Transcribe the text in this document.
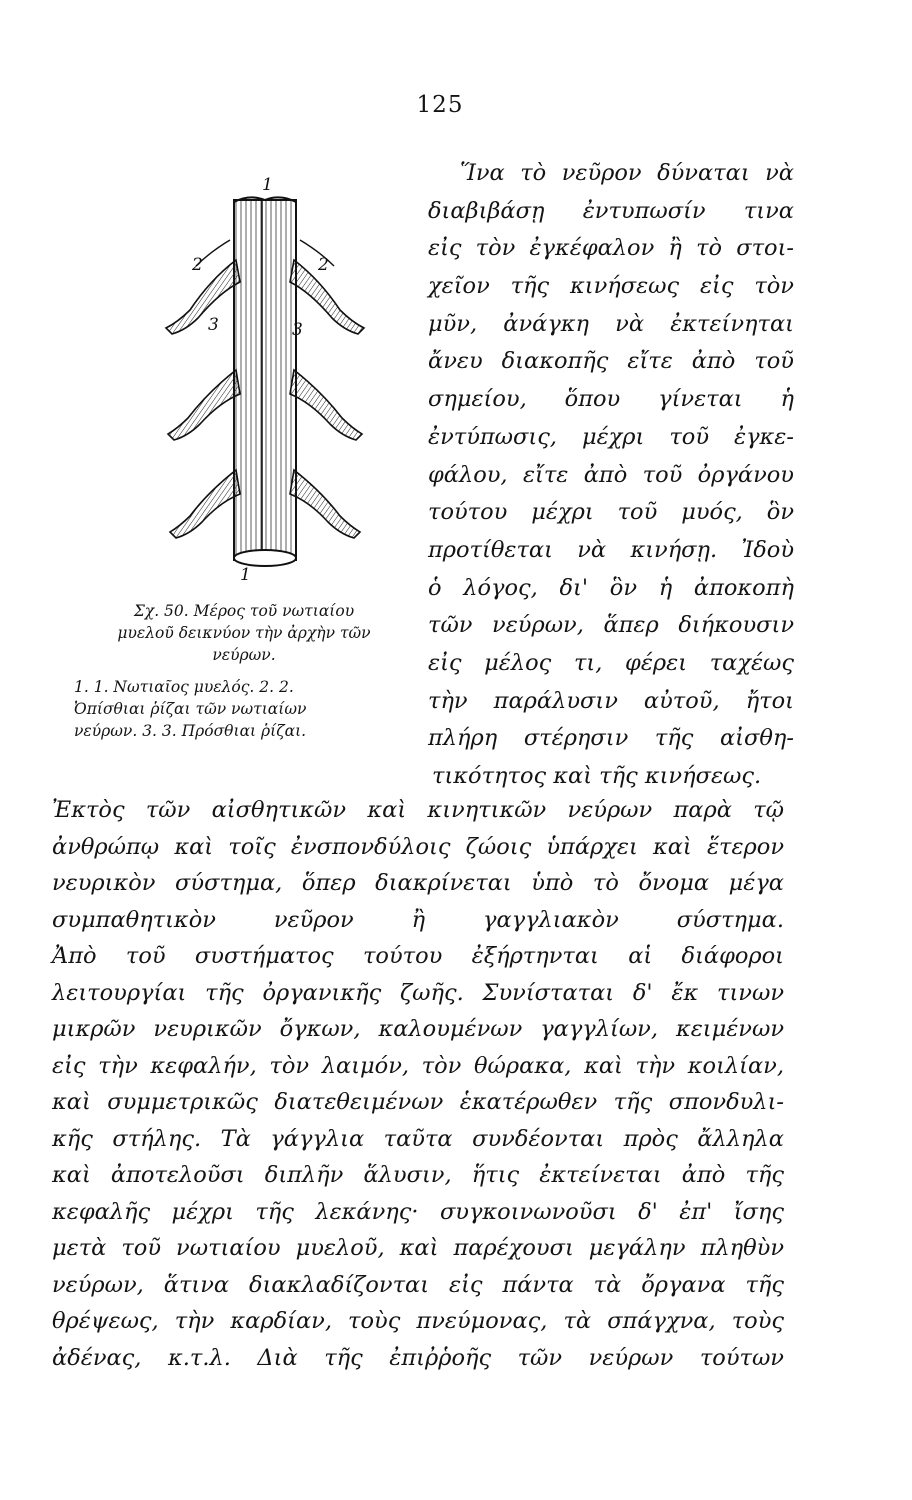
125
1
1
2	2
3	3
Σχ. 50. Μέρος τοῦ νωτιαίου
μυελοῦ δεικνύον τὴν ἀρχὴν τῶν
νεύρων.
1. 1. Νωτιαῖος μυελός. 2. 2.
Ὀπίσθιαι ῥίζαι τῶν νωτιαίων
νεύρων. 3. 3. Πρόσθιαι ῥίζαι.
Ἵνα τὸ νεῦρον δύναται νὰ
διαβιβάσῃ ἐντυπωσίν τινα
εἰς τὸν ἐγκέφαλον ἢ τὸ στοι-
χεῖον τῆς κινήσεως εἰς τὸν
μῦν, ἀνάγκη νὰ ἐκτείνηται
ἄνευ διακοπῆς εἴτε ἀπὸ τοῦ
σημείου, ὅπου γίνεται ἡ
ἐντύπωσις, μέχρι τοῦ ἐγκε-
φάλου, εἴτε ἀπὸ τοῦ ὀργάνου
τούτου μέχρι τοῦ μυός, ὃν
προτίθεται νὰ κινήσῃ. Ἰδοὺ
ὁ λόγος, δι' ὃν ἡ ἀποκοπὴ
τῶν νεύρων, ἅπερ διήκουσιν
εἰς μέλος τι, φέρει ταχέως
τὴν παράλυσιν αὐτοῦ, ἤτοι
πλήρη στέρησιν τῆς αἰσθη-
τικότητος καὶ τῆς κινήσεως.
Ἐκτὸς τῶν αἰσθητικῶν καὶ κινητικῶν νεύρων παρὰ τῷ
ἀνθρώπῳ καὶ τοῖς ἐνσπονδύλοις ζώοις ὑπάρχει καὶ ἕτερον
νευρικὸν σύστημα, ὅπερ διακρίνεται ὑπὸ τὸ ὄνομα μέγα
συμπαθητικὸν νεῦρον ἢ γαγγλιακὸν σύστημα.
Ἀπὸ τοῦ συστήματος τούτου ἐξήρτηνται αἱ διάφοροι
λειτουργίαι τῆς ὀργανικῆς ζωῆς. Συνίσταται δ' ἔκ τινων
μικρῶν νευρικῶν ὄγκων, καλουμένων γαγγλίων, κειμένων
εἰς τὴν κεφαλήν, τὸν λαιμόν, τὸν θώρακα, καὶ τὴν κοιλίαν,
καὶ συμμετρικῶς διατεθειμένων ἑκατέρωθεν τῆς σπονδυλι-
κῆς στήλης. Τὰ γάγγλια ταῦτα συνδέονται πρὸς ἄλληλα
καὶ ἀποτελοῦσι διπλῆν ἅλυσιν, ἥτις ἐκτείνεται ἀπὸ τῆς
κεφαλῆς μέχρι τῆς λεκάνης· συγκοινωνοῦσι δ' ἐπ' ἴσης
μετὰ τοῦ νωτιαίου μυελοῦ, καὶ παρέχουσι μεγάλην πληθὺν
νεύρων, ἅτινα διακλαδίζονται εἰς πάντα τὰ ὄργανα τῆς
θρέψεως, τὴν καρδίαν, τοὺς πνεύμονας, τὰ σπάγχνα, τοὺς
ἀδένας, κ.τ.λ. Διὰ τῆς ἐπιῤῥοῆς τῶν νεύρων τούτων
